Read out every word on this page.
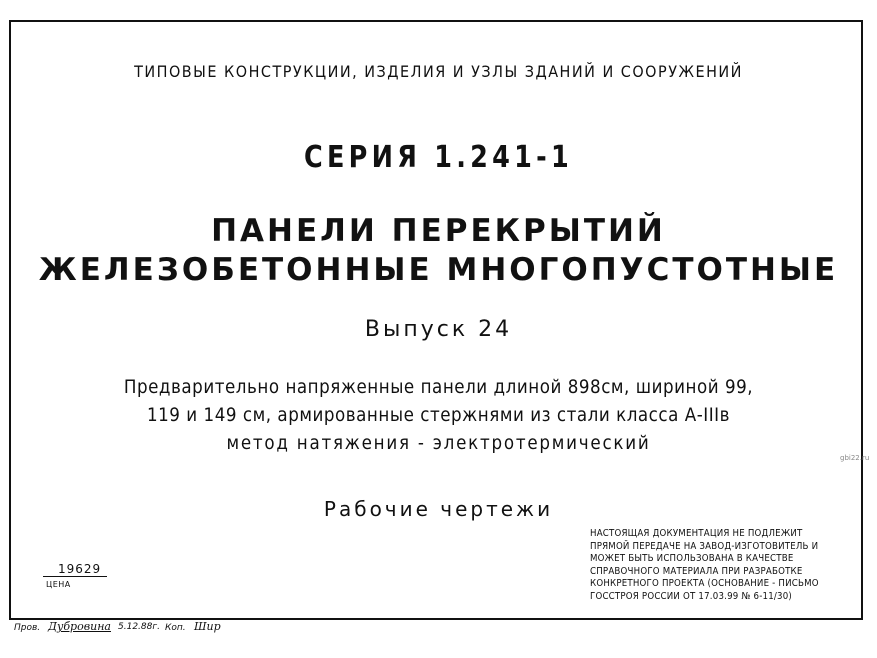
ТИПОВЫЕ КОНСТРУКЦИИ, ИЗДЕЛИЯ И УЗЛЫ ЗДАНИЙ И СООРУЖЕНИЙ
СЕРИЯ 1.241-1
ПАНЕЛИ ПЕРЕКРЫТИЙ
ЖЕЛЕЗОБЕТОННЫЕ МНОГОПУСТОТНЫЕ
Выпуск 24
Предварительно напряженные панели длиной 898см, шириной 99,
119 и 149 см, армированные стержнями из стали класса А-IIIв
метод натяжения - электротермический
Рабочие чертежи
НАСТОЯЩАЯ ДОКУМЕНТАЦИЯ НЕ ПОДЛЕЖИТ
ПРЯМОЙ ПЕРЕДАЧЕ НА ЗАВОД-ИЗГОТОВИТЕЛЬ И
МОЖЕТ БЫТЬ ИСПОЛЬЗОВАНА В КАЧЕСТВЕ
СПРАВОЧНОГО МАТЕРИАЛА ПРИ РАЗРАБОТКЕ
КОНКРЕТНОГО ПРОЕКТА (ОСНОВАНИЕ - ПИСЬМО
ГОССТРОЯ РОССИИ ОТ 17.03.99 № 6-11/30)
19629
ЦЕНА
Пров. Дубровина 5.12.88г. Коп. Шир
gbi22.ru
